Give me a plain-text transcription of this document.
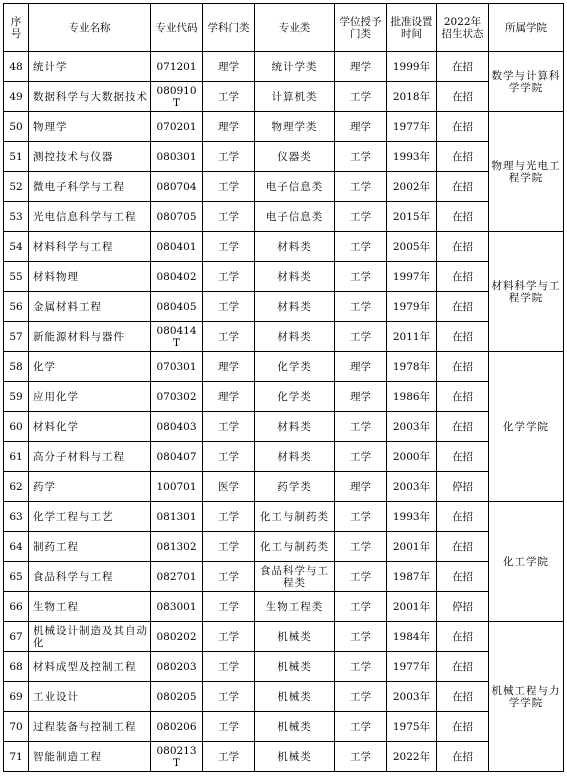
序号	专业名称	专业代码	学科门类	专业类	学位授予门类	批准设置时间	2022年招生状态	所属学院
48	统计学	071201	理学	统计学类	理学	1999年	在招	数学与计算科学学院
49	数据科学与大数据技术	080910T	工学	计算机类	工学	2018年	在招	
50	物理学	070201	理学	物理学类	理学	1977年	在招	物理与光电工程学院
51	测控技术与仪器	080301	工学	仪器类	工学	1993年	在招	
52	微电子科学与工程	080704	工学	电子信息类	工学	2002年	在招	
53	光电信息科学与工程	080705	工学	电子信息类	工学	2015年	在招	
54	材料科学与工程	080401	工学	材料类	工学	2005年	在招	材料科学与工程学院
55	材料物理	080402	工学	材料类	工学	1997年	在招	
56	金属材料工程	080405	工学	材料类	工学	1979年	在招	
57	新能源材料与器件	080414T	工学	材料类	工学	2011年	在招	
58	化学	070301	理学	化学类	理学	1978年	在招	化学学院
59	应用化学	070302	理学	化学类	理学	1986年	在招	
60	材料化学	080403	工学	材料类	工学	2003年	在招	
61	高分子材料与工程	080407	工学	材料类	工学	2000年	在招	
62	药学	100701	医学	药学类	理学	2003年	停招	
63	化学工程与工艺	081301	工学	化工与制药类	工学	1993年	在招	化工学院
64	制药工程	081302	工学	化工与制药类	工学	2001年	在招	
65	食品科学与工程	082701	工学	食品科学与工程类	工学	1987年	在招	
66	生物工程	083001	工学	生物工程类	工学	2001年	停招	
67	机械设计制造及其自动化	080202	工学	机械类	工学	1984年	在招	机械工程与力学学院
68	材料成型及控制工程	080203	工学	机械类	工学	1977年	在招	
69	工业设计	080205	工学	机械类	工学	2003年	在招	
70	过程装备与控制工程	080206	工学	机械类	工学	1975年	在招	
71	智能制造工程	080213T	工学	机械类	工学	2022年	在招	
